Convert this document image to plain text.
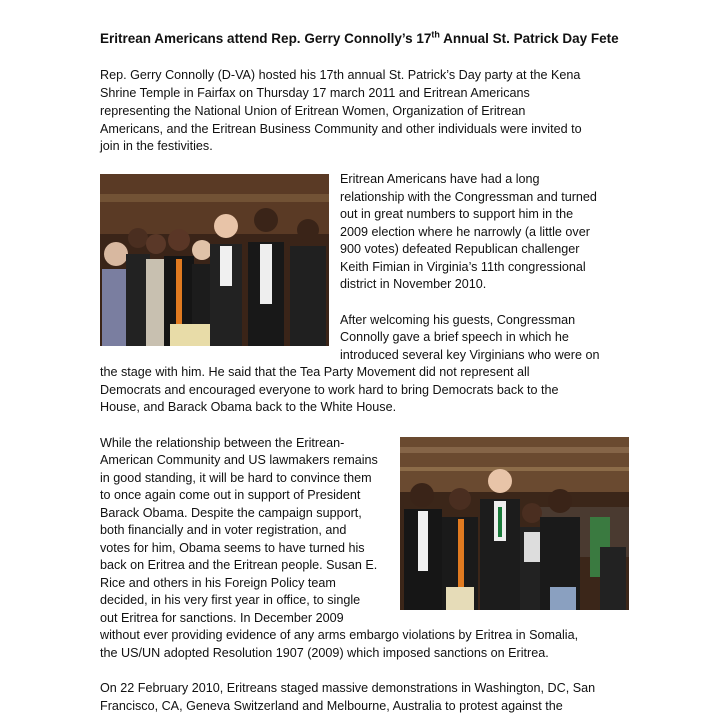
Eritrean Americans attend Rep. Gerry Connolly’s 17th Annual St. Patrick Day Fete
Rep. Gerry Connolly (D-VA) hosted his 17th annual St. Patrick’s Day party at the Kena
Shrine Temple in Fairfax on Thursday 17 march 2011 and Eritrean Americans
representing the National Union of Eritrean Women, Organization of Eritrean
Americans, and the Eritrean Business Community and other individuals were invited to
join in the festivities.
Eritrean Americans have had a long
relationship with the Congressman and turned
out in great numbers to support him in the
2009 election where he narrowly (a little over
900 votes) defeated Republican challenger
Keith Fimian in Virginia’s 11th congressional
district in November 2010.
After welcoming his guests, Congressman
Connolly gave a brief speech in which he
introduced several key Virginians who were on
the stage with him. He said that the Tea Party Movement did not represent all
Democrats and encouraged everyone to work hard to bring Democrats back to the
House, and Barack Obama back to the White House.
While the relationship between the Eritrean-
American Community and US lawmakers remains
in good standing, it will be hard to convince them
to once again come out in support of President
Barack Obama. Despite the campaign support,
both financially and in voter registration, and
votes for him, Obama seems to have turned his
back on Eritrea and the Eritrean people. Susan E.
Rice and others in his Foreign Policy team
decided, in his very first year in office, to single
out Eritrea for sanctions. In December 2009
without ever providing evidence of any arms embargo violations by Eritrea in Somalia,
the US/UN adopted Resolution 1907 (2009) which imposed sanctions on Eritrea.
On 22 February 2010, Eritreans staged massive demonstrations in Washington, DC, San
Francisco, CA, Geneva Switzerland and Melbourne, Australia to protest against the
